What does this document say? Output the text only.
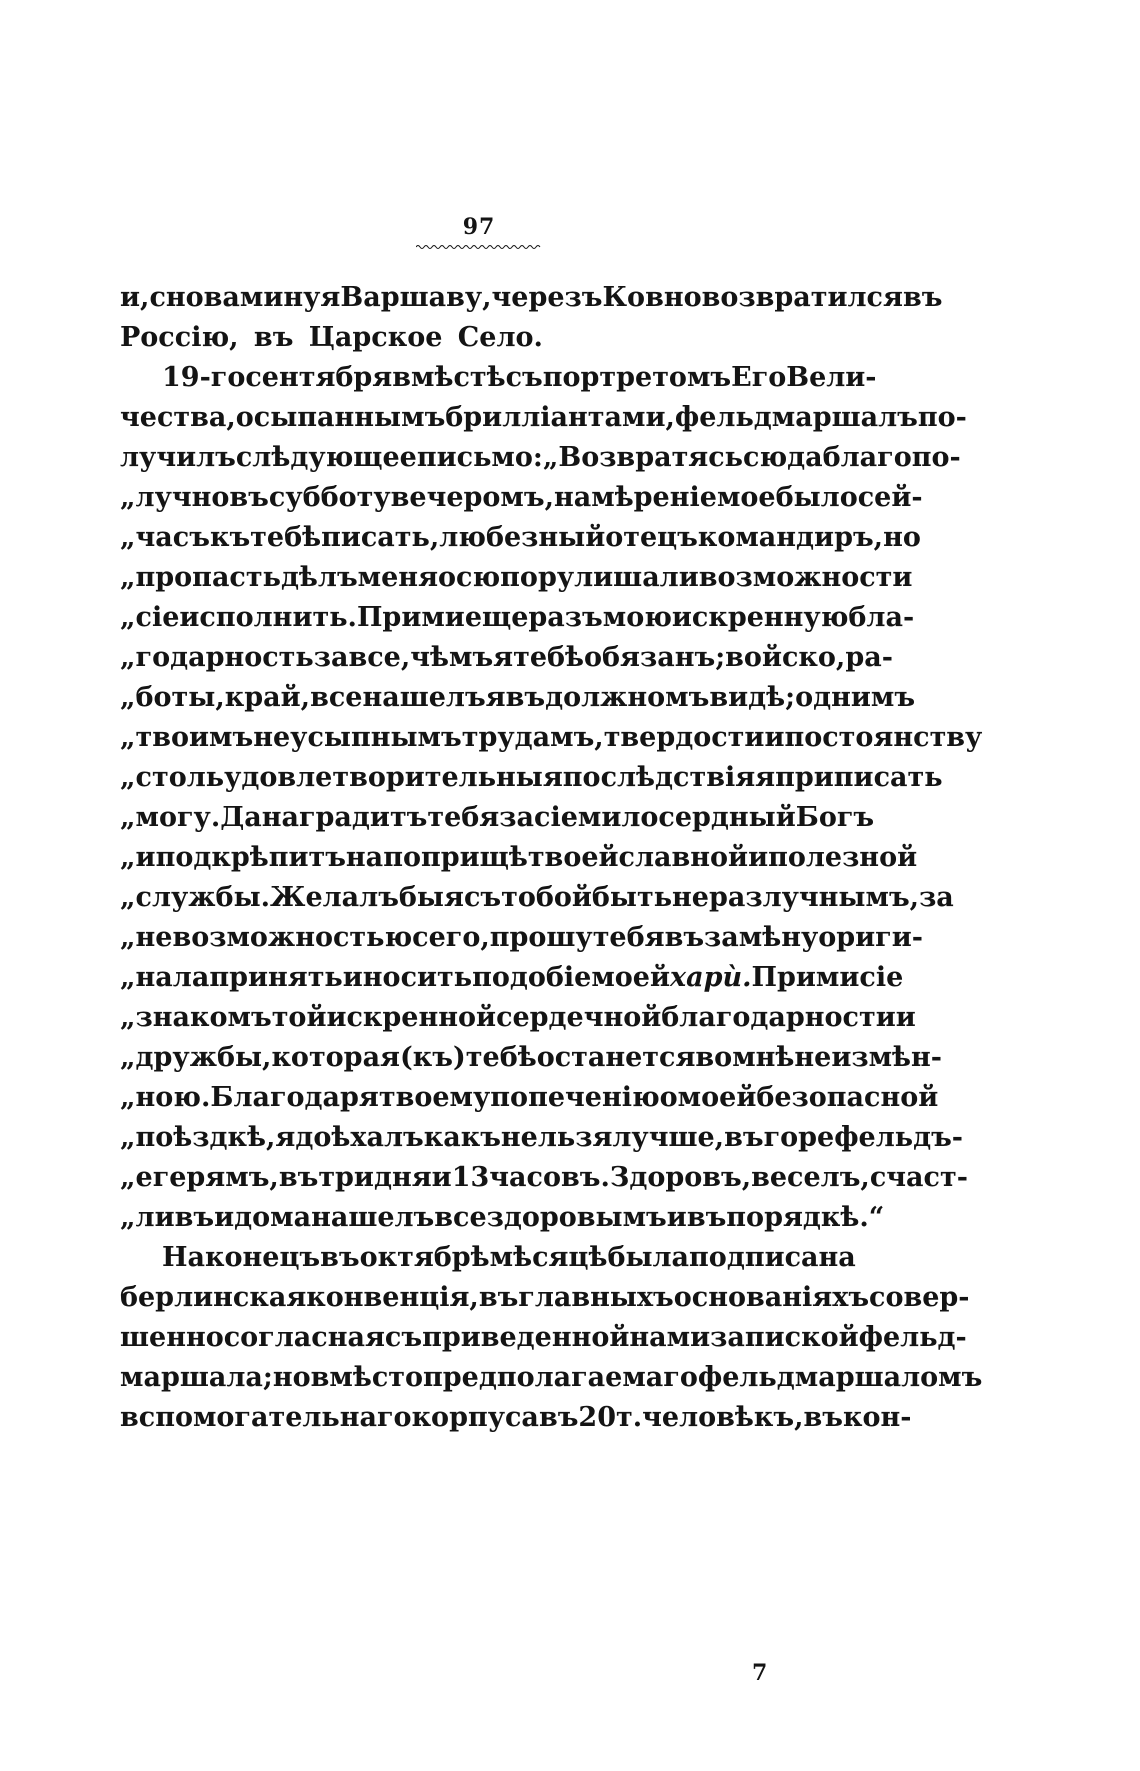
97
и, снова минуя Варшаву, черезъ Ковно возвратился въ
Россію, въ Царское Село.
19-го сентября вмѣстѣ съ портретомъ Его Вели-
чества, осыпаннымъ брилліантами, фельдмаршалъ по-
лучилъ слѣдующее письмо: „Возвратясь сюда благопо-
„лучно въ субботу вечеромъ, намѣреніе мое было сей-
„часъ къ тебѣ писать, любезный отецъ командиръ, но
„пропасть дѣлъ меня о сю пору лишали возможности
„сіе исполнить. Прими еще разъ мою искренную бла-
„годарность за все, чѣмъ я тебѣ обязанъ; войско, ра-
„боты, край, все нашелъ я въ должномъ видѣ; однимъ
„твоимъ неусыпнымъ трудамъ, твердости и постоянству
„столь удовлетворительныя послѣдствія я приписать
„могу. Да наградитъ тебя за сіе милосердный Богъ
„и подкрѣпитъ на поприщѣ твоей славной и полезной
„службы. Желалъ бы я съ тобой быть неразлучнымъ, за
„невозможностью сего, прошу тебя въ замѣну ориги-
„нала принять и носить подобіе моей харѝ. Прими сіе
„знакомъ той искренной сердечной благодарности и
„дружбы, которая (къ) тебѣ останется во мнѣ неизмѣн-
„ною. Благодаря твоему попеченію о моей безопасной
„поѣздкѣ, я доѣхалъ какъ нельзя лучше, въ горе фельдъ-
„егерямъ, въ три дня и 13 часовъ. Здоровъ, веселъ, счаст-
„ливъ и дома нашелъ все здоровымъ и въ порядкѣ.“
Наконецъ въ октябрѣ мѣсяцѣ была подписана
берлинская конвенція, въ главныхъ основаніяхъ совер-
шенно согласная съ приведенной нами запиской фельд-
маршала; но вмѣсто предполагаемаго фельдмаршаломъ
вспомогательнаго корпуса въ 20 т. человѣкъ, въ кон-
7
